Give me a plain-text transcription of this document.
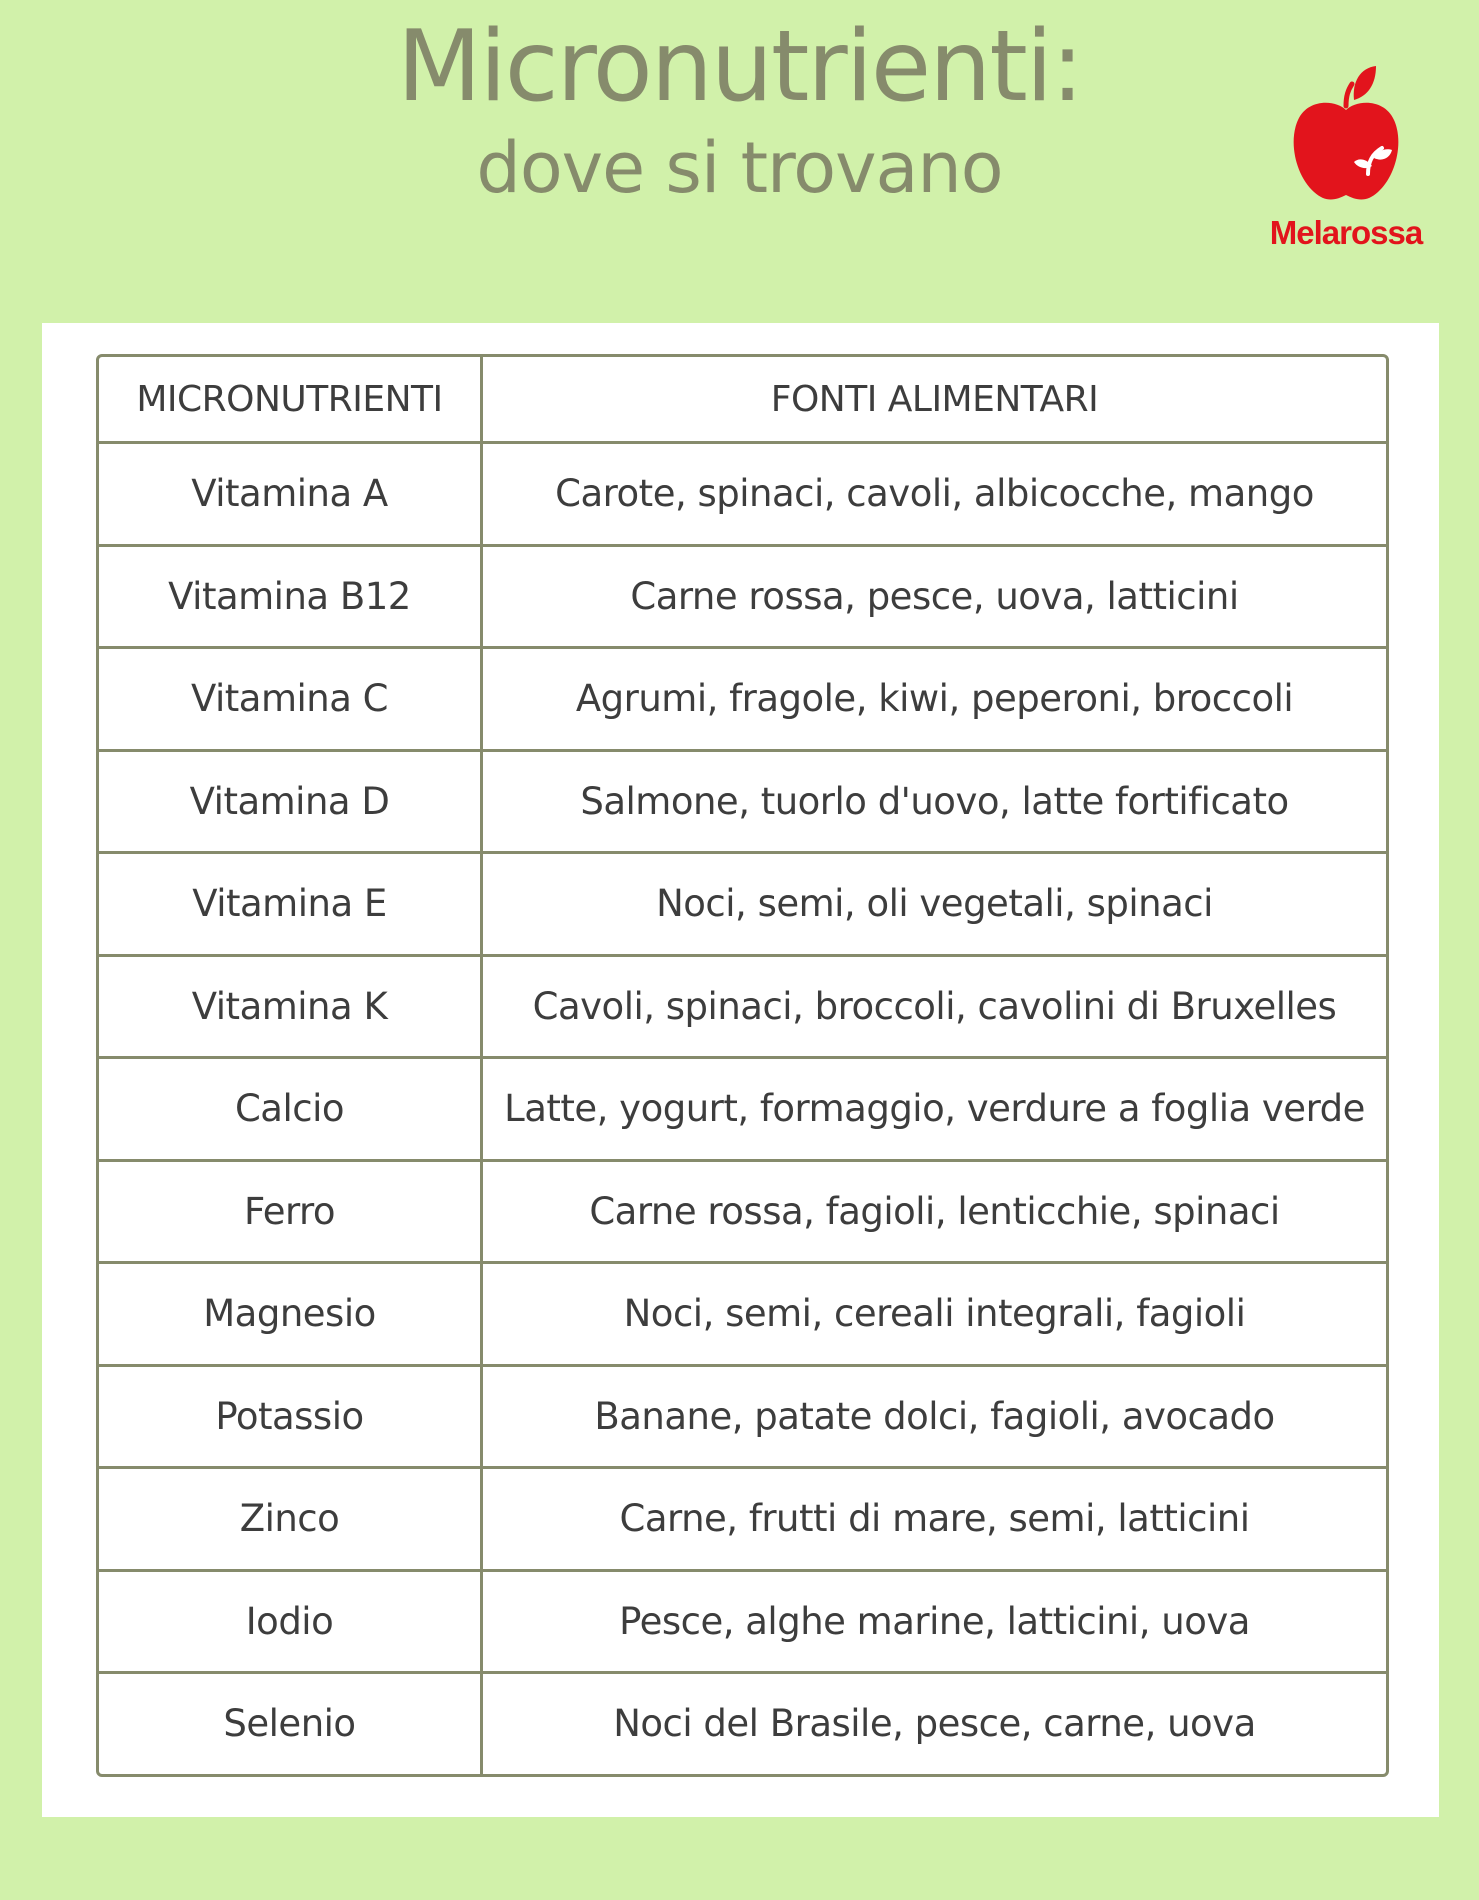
Micronutrienti:
dove si trovano
Melarossa
MICRONUTRIENTI	FONTI ALIMENTARI
Vitamina A	Carote, spinaci, cavoli, albicocche, mango
Vitamina B12	Carne rossa, pesce, uova, latticini
Vitamina C	Agrumi, fragole, kiwi, peperoni, broccoli
Vitamina D	Salmone, tuorlo d'uovo, latte fortificato
Vitamina E	Noci, semi, oli vegetali, spinaci
Vitamina K	Cavoli, spinaci, broccoli, cavolini di Bruxelles
Calcio	Latte, yogurt, formaggio, verdure a foglia verde
Ferro	Carne rossa, fagioli, lenticchie, spinaci
Magnesio	Noci, semi, cereali integrali, fagioli
Potassio	Banane, patate dolci, fagioli, avocado
Zinco	Carne, frutti di mare, semi, latticini
Iodio	Pesce, alghe marine, latticini, uova
Selenio	Noci del Brasile, pesce, carne, uova
